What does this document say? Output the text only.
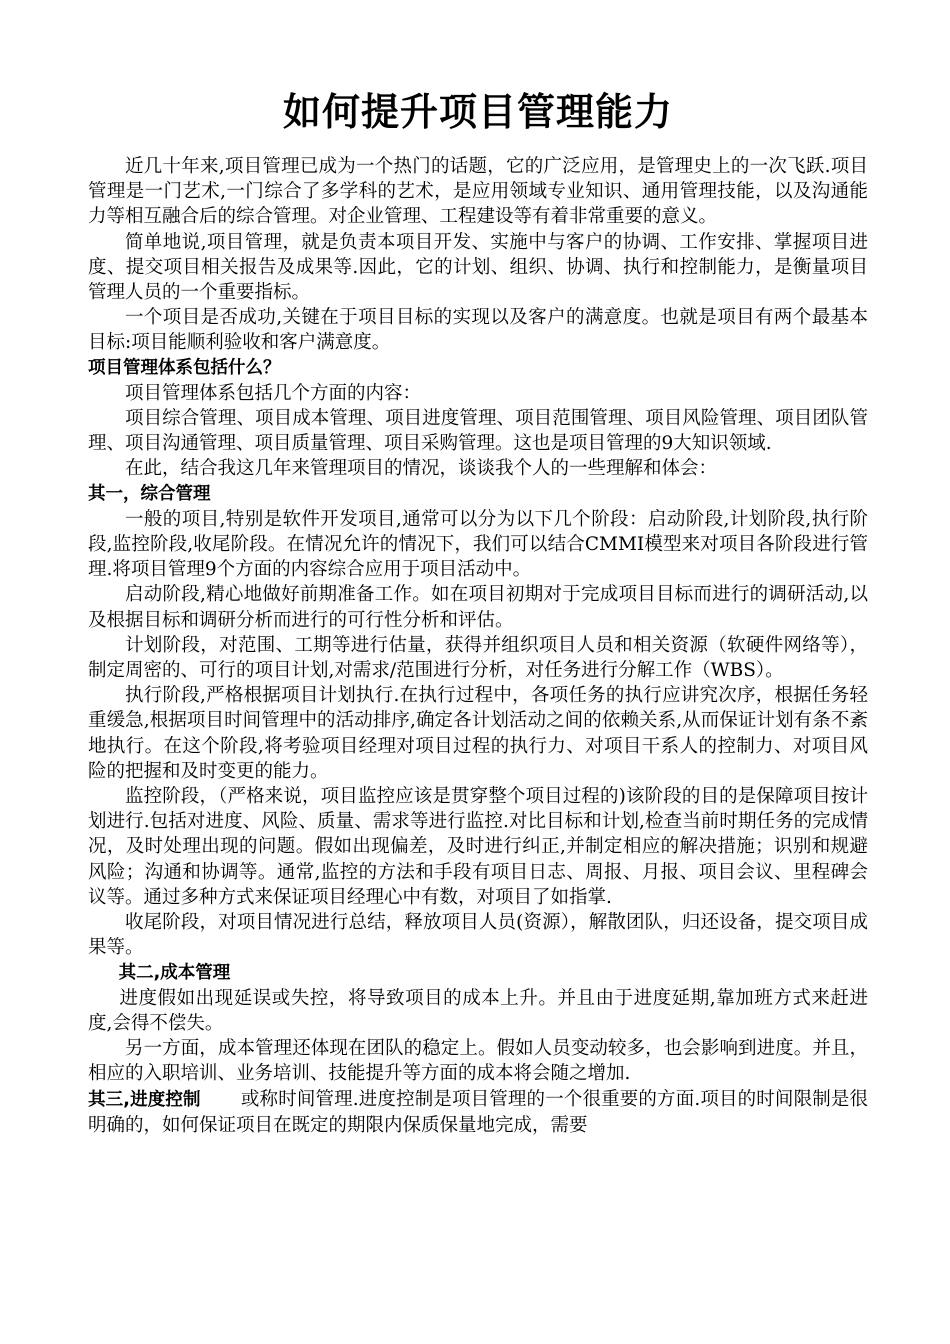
如何提升项目管理能力

近几十年来,项目管理已成为一个热门的话题，它的广泛应用，是管理史上的一次飞跃.项目管理是一门艺术,一门综合了多学科的艺术，是应用领域专业知识、通用管理技能，以及沟通能力等相互融合后的综合管理。对企业管理、工程建设等有着非常重要的意义。

简单地说,项目管理，就是负责本项目开发、实施中与客户的协调、工作安排、掌握项目进度、提交项目相关报告及成果等.因此，它的计划、组织、协调、执行和控制能力，是衡量项目管理人员的一个重要指标。

一个项目是否成功,关键在于项目目标的实现以及客户的满意度。也就是项目有两个最基本目标:项目能顺利验收和客户满意度。

项目管理体系包括什么？

项目管理体系包括几个方面的内容：

项目综合管理、项目成本管理、项目进度管理、项目范围管理、项目风险管理、项目团队管理、项目沟通管理、项目质量管理、项目采购管理。这也是项目管理的9大知识领域.

在此，结合我这几年来管理项目的情况，谈谈我个人的一些理解和体会：

其一，综合管理

一般的项目,特别是软件开发项目,通常可以分为以下几个阶段：启动阶段,计划阶段,执行阶段,监控阶段,收尾阶段。在情况允许的情况下，我们可以结合CMMI模型来对项目各阶段进行管理.将项目管理9个方面的内容综合应用于项目活动中。

启动阶段,精心地做好前期准备工作。如在项目初期对于完成项目目标而进行的调研活动,以及根据目标和调研分析而进行的可行性分析和评估。

计划阶段，对范围、工期等进行估量，获得并组织项目人员和相关资源（软硬件网络等），制定周密的、可行的项目计划,对需求/范围进行分析，对任务进行分解工作（WBS）。

执行阶段,严格根据项目计划执行.在执行过程中，各项任务的执行应讲究次序，根据任务轻重缓急,根据项目时间管理中的活动排序,确定各计划活动之间的依赖关系,从而保证计划有条不紊地执行。在这个阶段,将考验项目经理对项目过程的执行力、对项目干系人的控制力、对项目风险的把握和及时变更的能力。

监控阶段，（严格来说，项目监控应该是贯穿整个项目过程的)该阶段的目的是保障项目按计划进行.包括对进度、风险、质量、需求等进行监控.对比目标和计划,检查当前时期任务的完成情况，及时处理出现的问题。假如出现偏差，及时进行纠正,并制定相应的解决措施；识别和规避风险；沟通和协调等。通常,监控的方法和手段有项目日志、周报、月报、项目会议、里程碑会议等。通过多种方式来保证项目经理心中有数，对项目了如指掌.

收尾阶段，对项目情况进行总结，释放项目人员(资源），解散团队，归还设备，提交项目成果等。

其二,成本管理

进度假如出现延误或失控，将导致项目的成本上升。并且由于进度延期,靠加班方式来赶进度,会得不偿失。

另一方面，成本管理还体现在团队的稳定上。假如人员变动较多，也会影响到进度。并且，相应的入职培训、业务培训、技能提升等方面的成本将会随之增加.

其三,进度控制 或称时间管理.进度控制是项目管理的一个很重要的方面.项目的时间限制是很明确的，如何保证项目在既定的期限内保质保量地完成，需要
